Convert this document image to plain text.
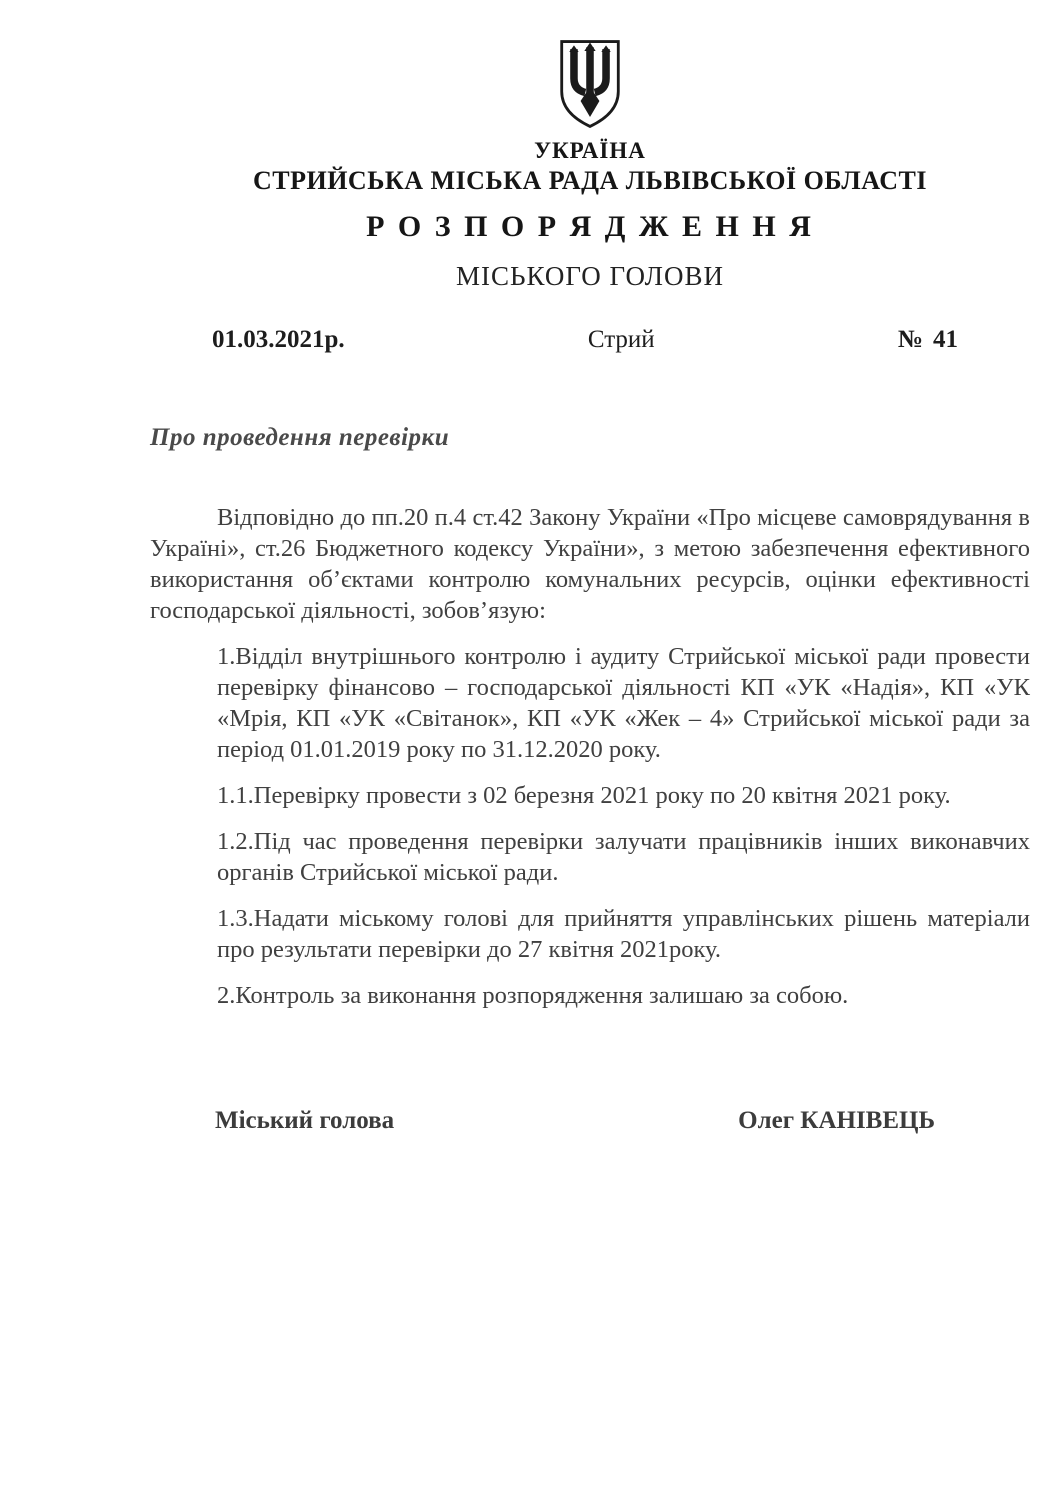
УКРАЇНА
СТРИЙСЬКА МІСЬКА РАДА ЛЬВІВСЬКОЇ ОБЛАСТІ
Р О З П О Р Я Д Ж Е Н Н Я
МІСЬКОГО ГОЛОВИ
01.03.2021р.	Стрий	№ 41
Про проведення перевірки

Відповідно до пп.20 п.4 ст.42 Закону України «Про місцеве самоврядування в Україні», ст.26 Бюджетного кодексу України», з метою забезпечення ефективного використання об’єктами контролю комунальних ресурсів, оцінки ефективності господарської діяльності, зобов’язую:

1.Відділ внутрішнього контролю і аудиту Стрийської міської ради провести перевірку фінансово – господарської діяльності КП «УК «Надія», КП «УК «Мрія, КП «УК «Світанок», КП «УК «Жек – 4» Стрийської міської ради за період 01.01.2019 року по 31.12.2020 року.

1.1.Перевірку провести з 02 березня 2021 року по 20 квітня 2021 року.

1.2.Під час проведення перевірки залучати працівників інших виконавчих органів Стрийської міської ради.

1.3.Надати міському голові для прийняття управлінських рішень матеріали про результати перевірки до 27 квітня 2021року.

2.Контроль за виконання розпорядження залишаю за собою.

Міський голова	Олег КАНІВЕЦЬ
